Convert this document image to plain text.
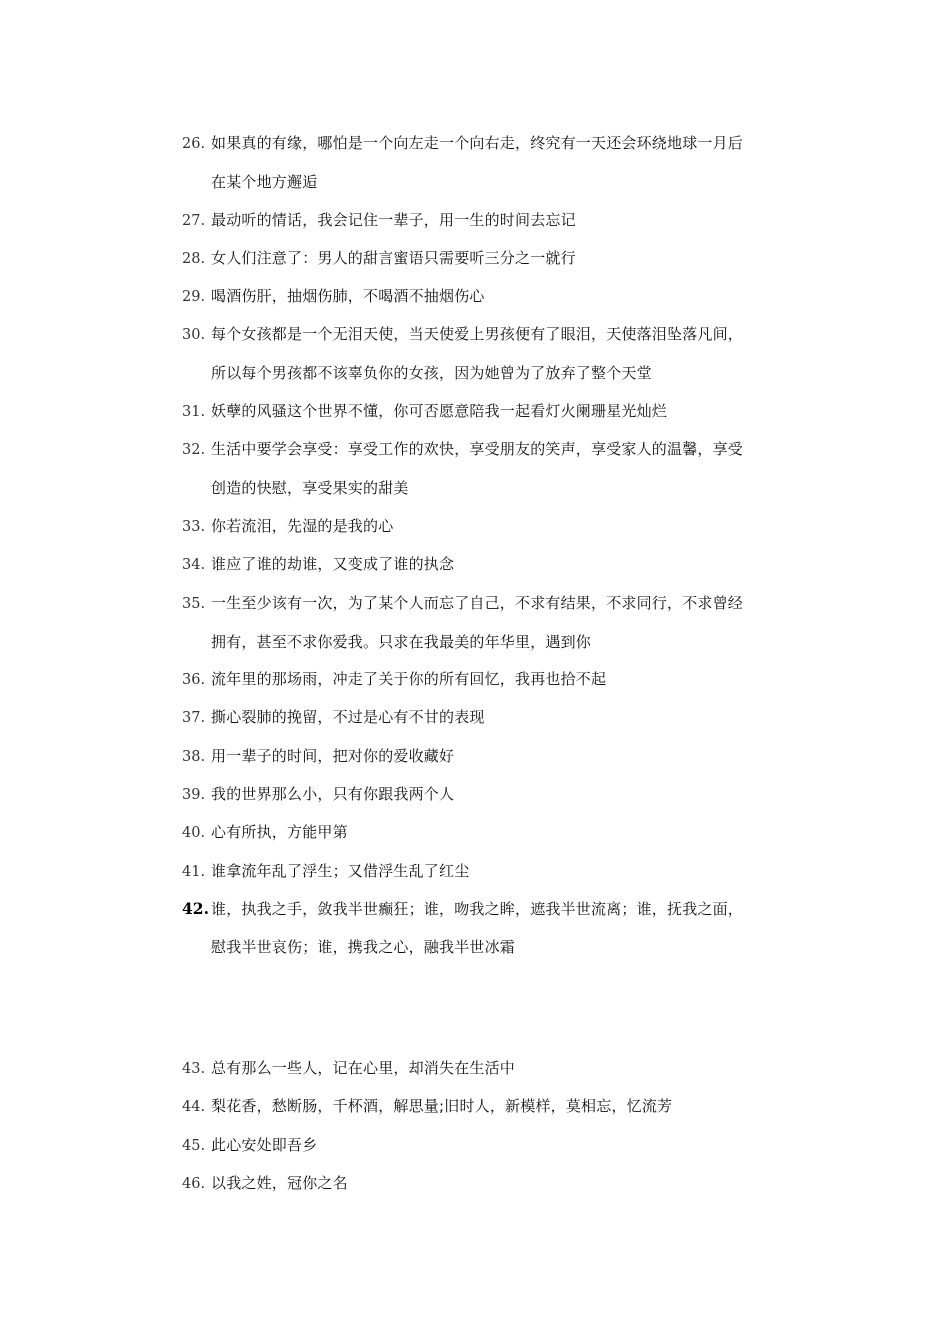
26. 如果真的有缘，哪怕是一个向左走一个向右走，终究有一天还会环绕地球一月后
在某个地方邂逅
27. 最动听的情话，我会记住一辈子，用一生的时间去忘记
28. 女人们注意了：男人的甜言蜜语只需要听三分之一就行
29. 喝酒伤肝，抽烟伤肺，不喝酒不抽烟伤心
30. 每个女孩都是一个无泪天使，当天使爱上男孩便有了眼泪，天使落泪坠落凡间，
所以每个男孩都不该辜负你的女孩，因为她曾为了放弃了整个天堂
31. 妖孽的风骚这个世界不懂，你可否愿意陪我一起看灯火阑珊星光灿烂
32. 生活中要学会享受：享受工作的欢快，享受朋友的笑声，享受家人的温馨，享受
创造的快慰，享受果实的甜美
33. 你若流泪，先湿的是我的心
34. 谁应了谁的劫谁，又变成了谁的执念
35. 一生至少该有一次，为了某个人而忘了自己，不求有结果，不求同行，不求曾经
拥有，甚至不求你爱我。只求在我最美的年华里，遇到你
36. 流年里的那场雨，冲走了关于你的所有回忆，我再也拾不起
37. 撕心裂肺的挽留，不过是心有不甘的表现
38. 用一辈子的时间，把对你的爱收藏好
39. 我的世界那么小，只有你跟我两个人
40. 心有所执，方能甲第
41. 谁拿流年乱了浮生；又借浮生乱了红尘
42. 谁，执我之手，敛我半世癫狂；谁，吻我之眸，遮我半世流离；谁，抚我之面，
慰我半世哀伤；谁，携我之心，融我半世冰霜
43. 总有那么一些人，记在心里，却消失在生活中
44. 梨花香，愁断肠，千杯酒，解思量;旧时人，新模样，莫相忘，忆流芳
45. 此心安处即吾乡
46. 以我之姓，冠你之名
